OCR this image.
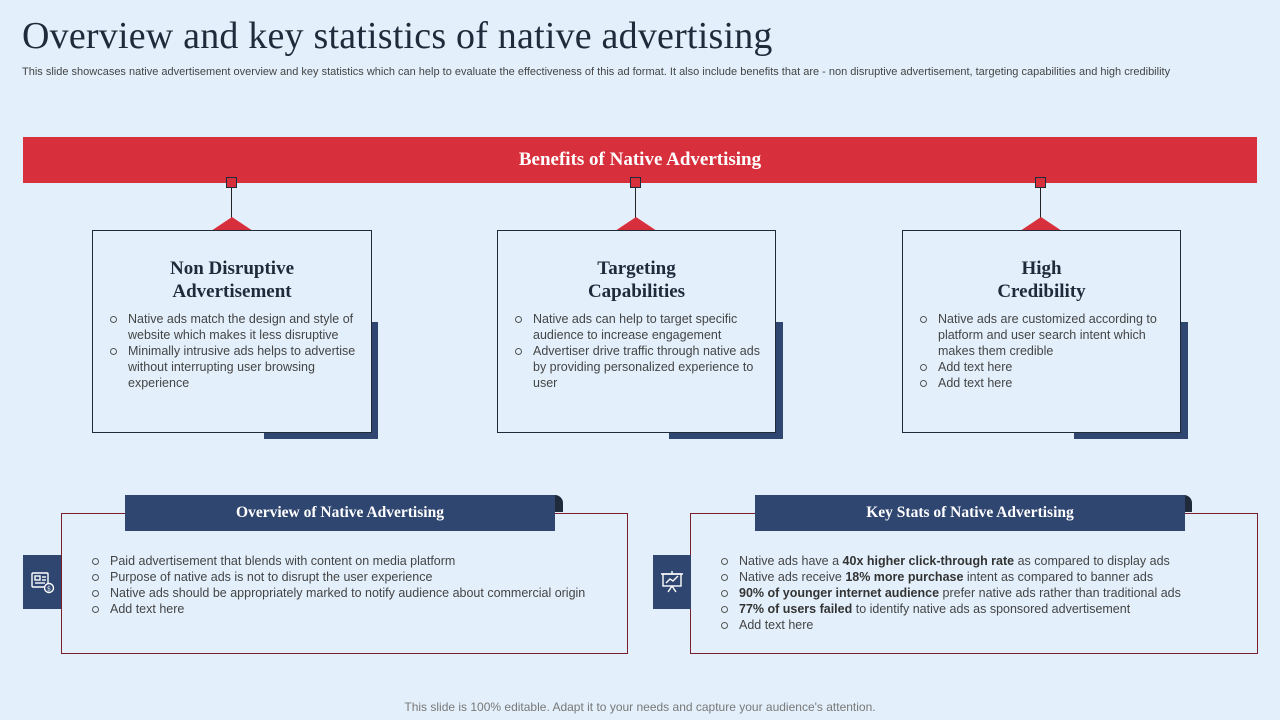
Overview and key statistics of native advertising

This slide showcases native advertisement overview and key statistics which can help to evaluate the effectiveness of this ad format. It also include benefits that are - non disruptive advertisement, targeting capabilities and high credibility

Benefits of Native Advertising
Non Disruptive
Advertisement
Native ads match the design and style of website which makes it less disruptive
Minimally intrusive ads helps to advertise without interrupting user browsing experience
Targeting
Capabilities
Native ads can help to target specific audience to increase engagement
Advertiser drive traffic through native ads by providing personalized experience to user
High
Credibility
Native ads are customized according to platform and user search intent which makes them credible
Add text here
Add text here
Paid advertisement that blends with content on media platform
Purpose of native ads is not to disrupt the user experience
Native ads should be appropriately marked to notify audience about commercial origin
Add text here
Overview of Native Advertising
$
Native ads have a 40x higher click-through rate as compared to display ads
Native ads receive 18% more purchase intent as compared to banner ads
90% of younger internet audience prefer native ads rather than traditional ads
77% of users failed to identify native ads as sponsored advertisement
Add text here
Key Stats of Native Advertising
This slide is 100% editable. Adapt it to your needs and capture your audience's attention.
